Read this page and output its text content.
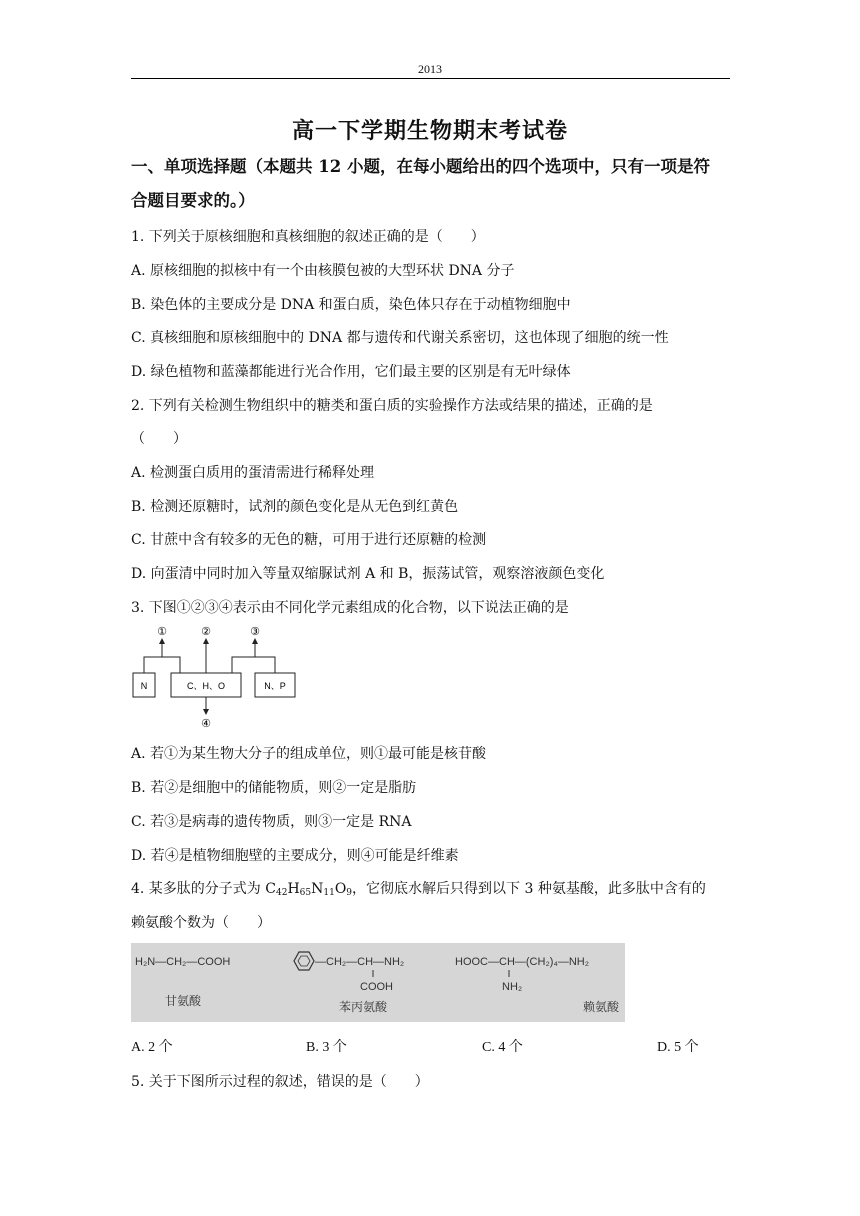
2013
高一下学期生物期末考试卷
一、单项选择题（本题共 12 小题，在每小题给出的四个选项中，只有一项是符
合题目要求的。）
1. 下列关于原核细胞和真核细胞的叙述正确的是（　　）
A. 原核细胞的拟核中有一个由核膜包被的大型环状 DNA 分子
B. 染色体的主要成分是 DNA 和蛋白质，染色体只存在于动植物细胞中
C. 真核细胞和原核细胞中的 DNA 都与遗传和代谢关系密切，这也体现了细胞的统一性
D. 绿色植物和蓝藻都能进行光合作用，它们最主要的区别是有无叶绿体
2. 下列有关检测生物组织中的糖类和蛋白质的实验操作方法或结果的描述，正确的是
（　　）
A. 检测蛋白质用的蛋清需进行稀释处理
B. 检测还原糖时，试剂的颜色变化是从无色到红黄色
C. 甘蔗中含有较多的无色的糖，可用于进行还原糖的检测
D. 向蛋清中同时加入等量双缩脲试剂 A 和 B，振荡试管，观察溶液颜色变化
3. 下图①②③④表示由不同化学元素组成的化合物，以下说法正确的是
N	C、H、O	N、P
①	②	③
④
A. 若①为某生物大分子的组成单位，则①最可能是核苷酸
B. 若②是细胞中的储能物质，则②一定是脂肪
C. 若③是病毒的遗传物质，则③一定是 RNA
D. 若④是植物细胞壁的主要成分，则④可能是纤维素
4. 某多肽的分子式为 $C_{42}H_{65}N_{11}O_9$，它彻底水解后只得到以下 3 种氨基酸，此多肽中含有的
赖氨酸个数为（　　）
H₂N—CH₂—COOH
甘氨酸
—CH₂—CH—NH₂
COOH
苯丙氨酸
HOOC—CH—(CH₂)₄—NH₂
NH₂
赖氨酸
A. 2 个	B. 3 个	C. 4 个	D. 5 个
5. 关于下图所示过程的叙述，错误的是（　　）
